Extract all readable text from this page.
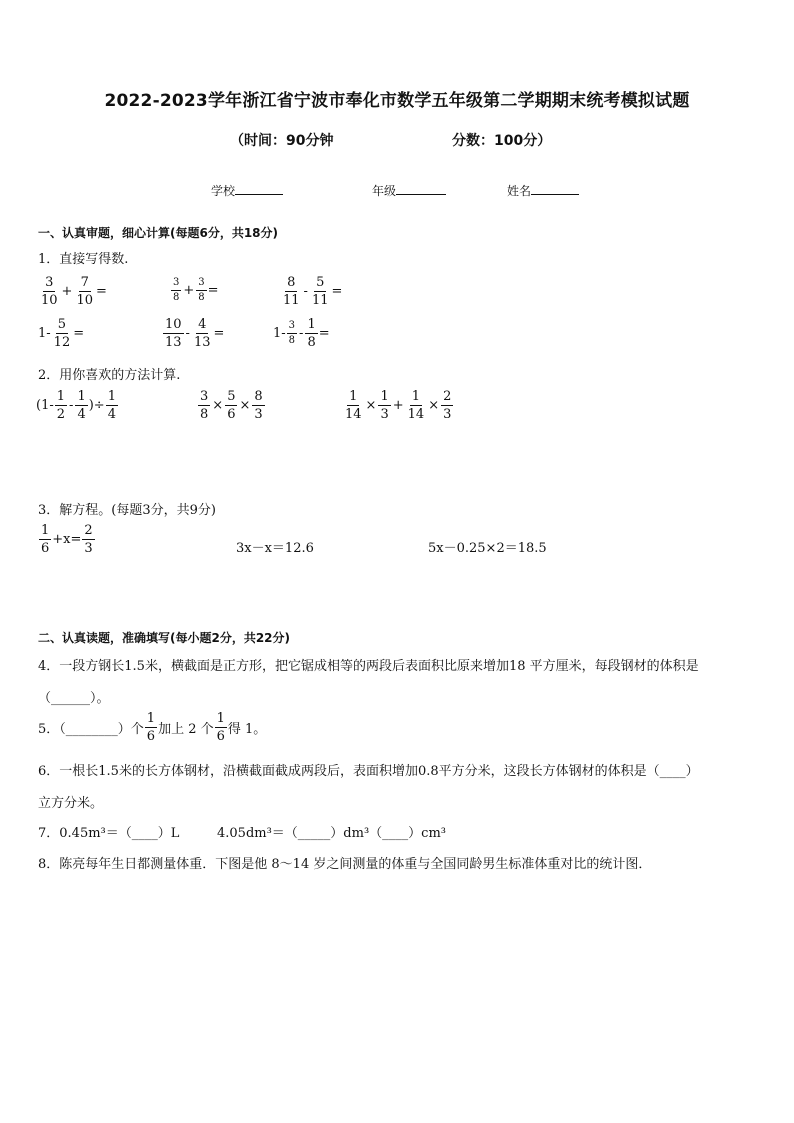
2022-2023学年浙江省宁波市奉化市数学五年级第二学期期末统考模拟试题
（时间：90分钟	分数：100分）
学校	年级	姓名
一、认真审题，细心计算(每题6分，共18分)
1．直接写得数.
$\frac{3}{10} + \frac{7}{10}$ =	$\frac{3}{8} + \frac{3}{8}$ =	$\frac{8}{11} - \frac{5}{11}$ =
$1- \frac{5}{12}$ =	$\frac{10}{13} - \frac{4}{13}$ =	$1- \frac{3}{8} - \frac{1}{8}$ =
2．用你喜欢的方法计算.
($1- \frac{1}{2} - \frac{1}{4}$ )÷ $\frac{1}{4}$	$\frac{3}{8} \times \frac{5}{6} \times \frac{8}{3}$	$\frac{1}{14} \times \frac{1}{3} + \frac{1}{14} \times \frac{2}{3}$
3．解方程。(每题3分，共9分)
$\frac{1}{6} +x= \frac{2}{3}$	3x－x＝12.6	5x－0.25×2＝18.5
二、认真读题，准确填写(每小题2分，共22分)
4．一段方钢长1.5米，横截面是正方形，把它锯成相等的两段后表面积比原来增加18 平方厘米，每段钢材的体积是
（______）。
5．（________）个 $\frac{1}{6}$ 加上 2 个 $\frac{1}{6}$ 得 1。
6．一根长1.5米的长方体钢材，沿横截面截成两段后，表面积增加0.8平方分米，这段长方体钢材的体积是（____）
立方分米。
7．0.45m³＝（____）L	4.05dm³＝（_____）dm³（____）cm³
8．陈亮每年生日都测量体重．下图是他 8～14 岁之间测量的体重与全国同龄男生标准体重对比的统计图．
